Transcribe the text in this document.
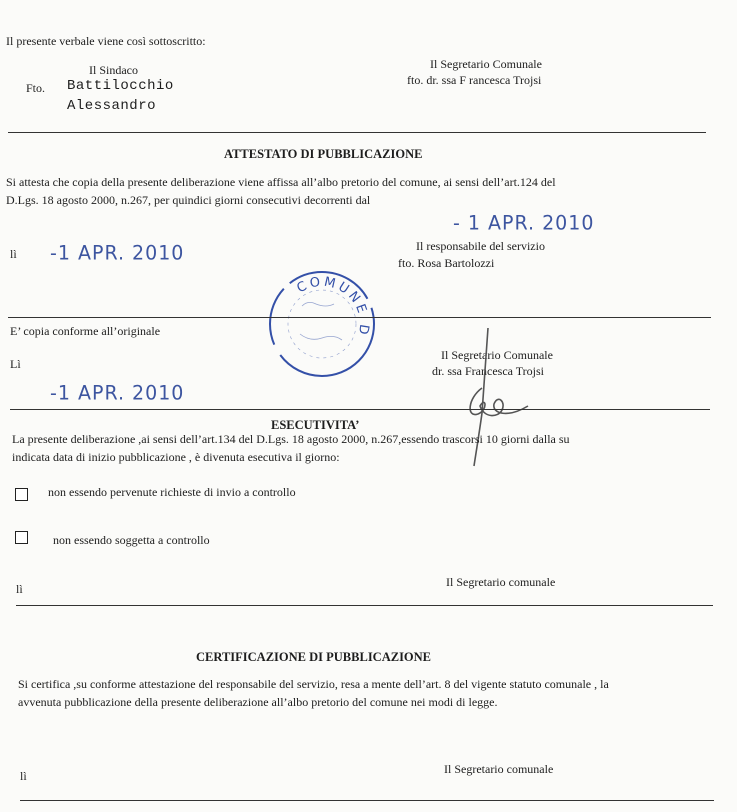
Il presente verbale viene così sottoscritto:
Il Sindaco
Fto. Battilocchio
Alessandro
Il Segretario Comunale
fto. dr. ssa F rancesca Trojsi
ATTESTATO DI PUBBLICAZIONE
Si attesta che copia della presente deliberazione viene affissa all’albo pretorio del comune, ai sensi dell’art.124 del
D.Lgs. 18 agosto 2000, n.267, per quindici giorni consecutivi decorrenti dal
- 1 APR. 2010
lì -1 APR. 2010	Il responsabile del servizio
fto. Rosa Bartolozzi
COMUNE D
E’ copia conforme all’originale
Lì
-1 APR. 2010
Il Segretario Comunale
dr. ssa Francesca Trojsi
ESECUTIVITA’
La presente deliberazione ,ai sensi dell’art.134 del D.Lgs. 18 agosto 2000, n.267,essendo trascorsi 10 giorni dalla su
indicata data di inizio pubblicazione , è divenuta esecutiva il giorno:
non essendo pervenute richieste di invio a controllo
non essendo soggetta a controllo
lì	Il Segretario comunale
CERTIFICAZIONE DI PUBBLICAZIONE
Si certifica ,su conforme attestazione del responsabile del servizio, resa a mente dell’art. 8 del vigente statuto comunale , la
avvenuta pubblicazione della presente deliberazione all’albo pretorio del comune nei modi di legge.
lì	Il Segretario comunale
